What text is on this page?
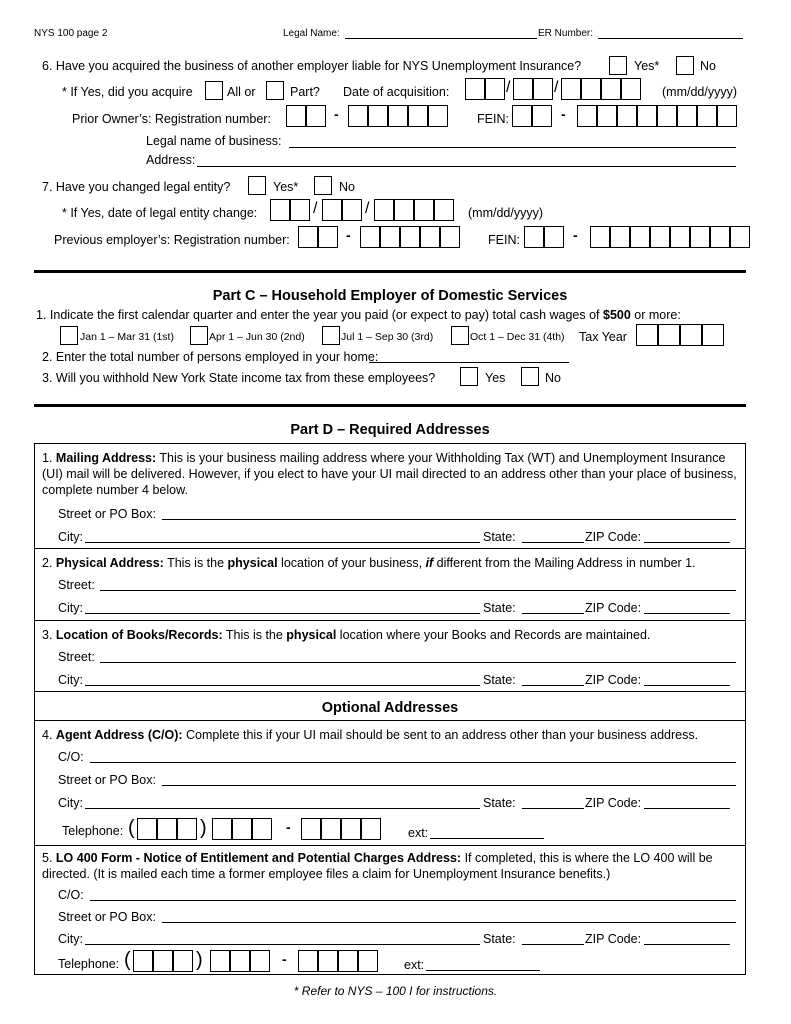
NYS 100 page 2	Legal Name:	ER Number:
6. Have you acquired the business of another employer liable for NYS Unemployment Insurance?	Yes*	No
* If Yes, did you acquire	All or	Part? Date of acquisition:	/	/	(mm/dd/yyyy)
Prior Owner’s: Registration number:	-	FEIN:	-
Legal name of business:
Address:
7. Have you changed legal entity?	Yes*	No
* If Yes, date of legal entity change:	/	/	(mm/dd/yyyy)
Previous employer’s: Registration number:	-	FEIN:	-
Part C – Household Employer of Domestic Services
1. Indicate the first calendar quarter and enter the year you paid (or expect to pay) total cash wages of $500 or more:
Jan 1 – Mar 31 (1st)	Apr 1 – Jun 30 (2nd)	Jul 1 – Sep 30 (3rd)	Oct 1 – Dec 31 (4th) Tax Year
2. Enter the total number of persons employed in your home:
3. Will you withhold New York State income tax from these employees?	Yes	No
Part D – Required Addresses
1. Mailing Address: This is your business mailing address where your Withholding Tax (WT) and Unemployment Insurance (UI) mail will be delivered. However, if you elect to have your UI mail directed to an address other than your place of business, complete number 4 below.
Street or PO Box:
City:	State:	ZIP Code:
2. Physical Address: This is the physical location of your business, if different from the Mailing Address in number 1.
Street:
City:	State:	ZIP Code:
3. Location of Books/Records: This is the physical location where your Books and Records are maintained.
Street:
City:	State:	ZIP Code:
Optional Addresses
4. Agent Address (C/O): Complete this if your UI mail should be sent to an address other than your business address.
C/O:
Street or PO Box:
City:	State:	ZIP Code:
Telephone: (	)	-	ext:
5. LO 400 Form - Notice of Entitlement and Potential Charges Address: If completed, this is where the LO 400 will be directed. (It is mailed each time a former employee files a claim for Unemployment Insurance benefits.)
C/O:
Street or PO Box:
City:	State:	ZIP Code:
Telephone: (	)	-	ext:
* Refer to NYS – 100 I for instructions.
